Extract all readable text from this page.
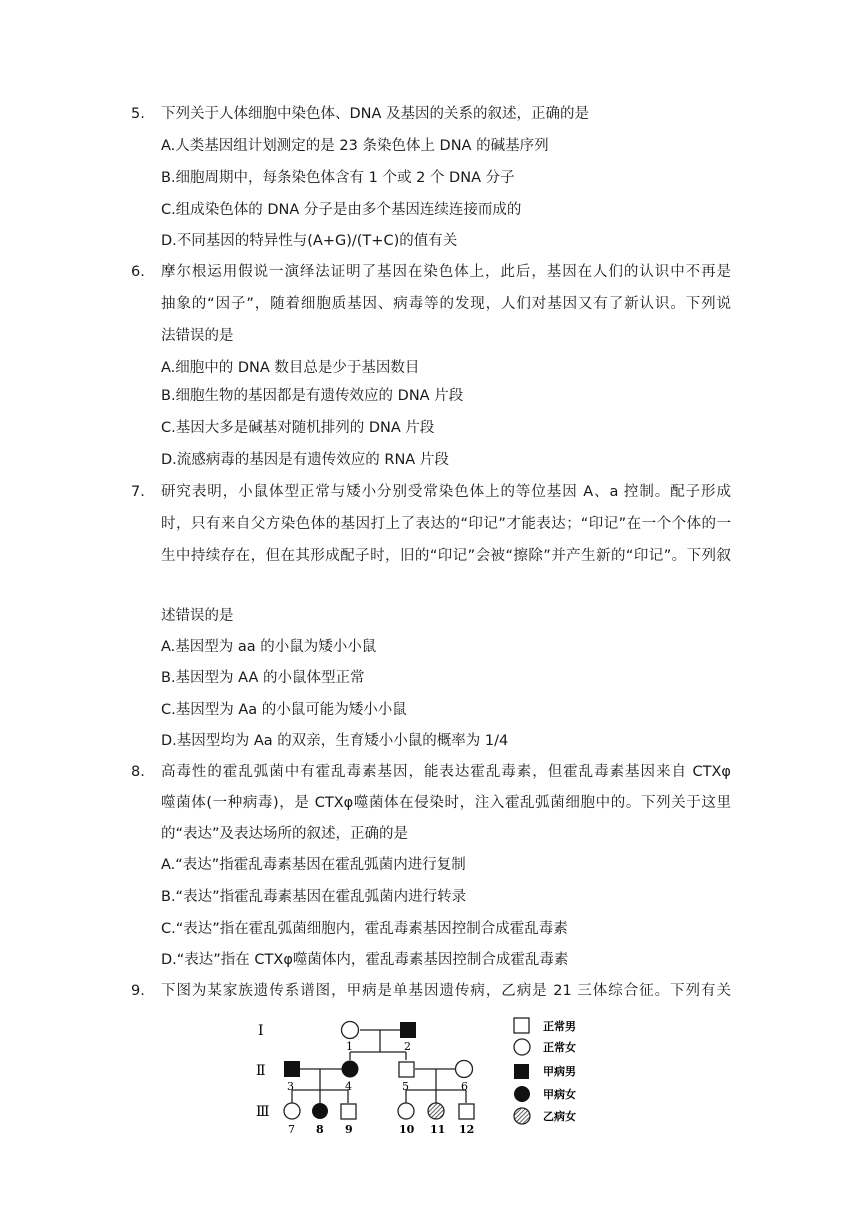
5. 下列关于人体细胞中染色体、DNA 及基因的关系的叙述，正确的是
A.人类基因组计划测定的是 23 条染色体上 DNA 的碱基序列
B.细胞周期中，每条染色体含有 1 个或 2 个 DNA 分子
C.组成染色体的 DNA 分子是由多个基因连续连接而成的
D.不同基因的特异性与(A+G)/(T+C)的值有关
6. 摩尔根运用假说一演绎法证明了基因在染色体上，此后，基因在人们的认识中不再是
抽象的“因子”，随着细胞质基因、病毒等的发现，人们对基因又有了新认识。下列说
法错误的是
A.细胞中的 DNA 数目总是少于基因数目
B.细胞生物的基因都是有遗传效应的 DNA 片段
C.基因大多是碱基对随机排列的 DNA 片段
D.流感病毒的基因是有遗传效应的 RNA 片段
7. 研究表明，小鼠体型正常与矮小分别受常染色体上的等位基因 A、a 控制。配子形成
时，只有来自父方染色体的基因打上了表达的“印记”才能表达；“印记”在一个个体的一
生中持续存在，但在其形成配子时，旧的“印记”会被“擦除”并产生新的“印记”。下列叙
述错误的是
A.基因型为 aa 的小鼠为矮小小鼠
B.基因型为 AA 的小鼠体型正常
C.基因型为 Aa 的小鼠可能为矮小小鼠
D.基因型均为 Aa 的双亲，生育矮小小鼠的概率为 1/4
8. 高毒性的霍乱弧菌中有霍乱毒素基因，能表达霍乱毒素，但霍乱毒素基因来自 CTXφ
噬菌体(一种病毒)，是 CTXφ噬菌体在侵染时，注入霍乱弧菌细胞中的。下列关于这里
的“表达”及表达场所的叙述，正确的是
A.“表达”指霍乱毒素基因在霍乱弧菌内进行复制
B.“表达”指霍乱毒素基因在霍乱弧菌内进行转录
C.“表达”指在霍乱弧菌细胞内，霍乱毒素基因控制合成霍乱毒素
D.“表达”指在 CTXφ噬菌体内，霍乱毒素基因控制合成霍乱毒素
9. 下图为某家族遗传系谱图，甲病是单基因遗传病，乙病是 21 三体综合征。下列有关
I
Ⅱ
Ⅲ
1	2
3	4	5	6
7 8 9	10 11 12
正常男
正常女
甲病男
甲病女
乙病女
